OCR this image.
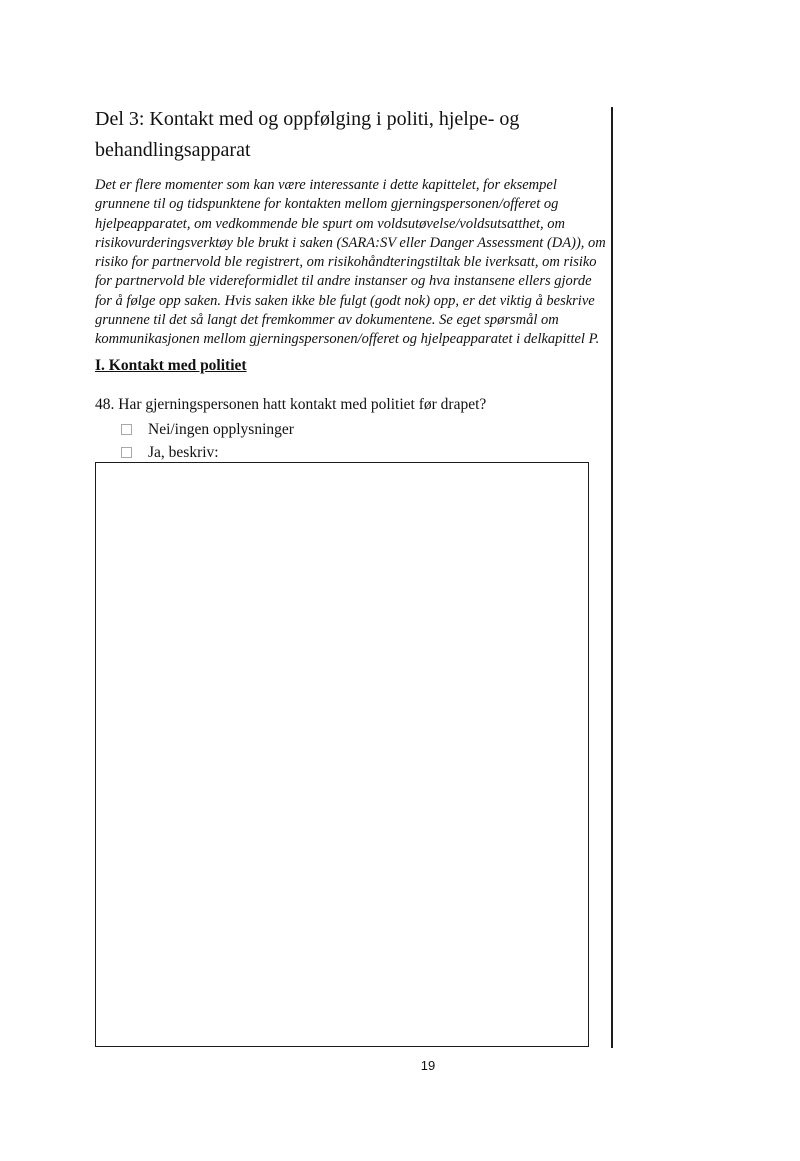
Del 3: Kontakt med og oppfølging i politi, hjelpe- og behandlingsapparat

Det er flere momenter som kan være interessante i dette kapittelet, for eksempel grunnene til og tidspunktene for kontakten mellom gjerningspersonen/offeret og hjelpeapparatet, om vedkommende ble spurt om voldsutøvelse/voldsutsatthet, om risikovurderingsverktøy ble brukt i saken (SARA:SV eller Danger Assessment (DA)), om risiko for partnervold ble registrert, om risikohåndteringstiltak ble iverksatt, om risiko for partnervold ble videreformidlet til andre instanser og hva instansene ellers gjorde for å følge opp saken. Hvis saken ikke ble fulgt (godt nok) opp, er det viktig å beskrive grunnene til det så langt det fremkommer av dokumentene. Se eget spørsmål om kommunikasjonen mellom gjerningspersonen/offeret og hjelpeapparatet i delkapittel P.

I. Kontakt med politiet
48. Har gjerningspersonen hatt kontakt med politiet før drapet?
Nei/ingen opplysninger
Ja, beskriv:
19
